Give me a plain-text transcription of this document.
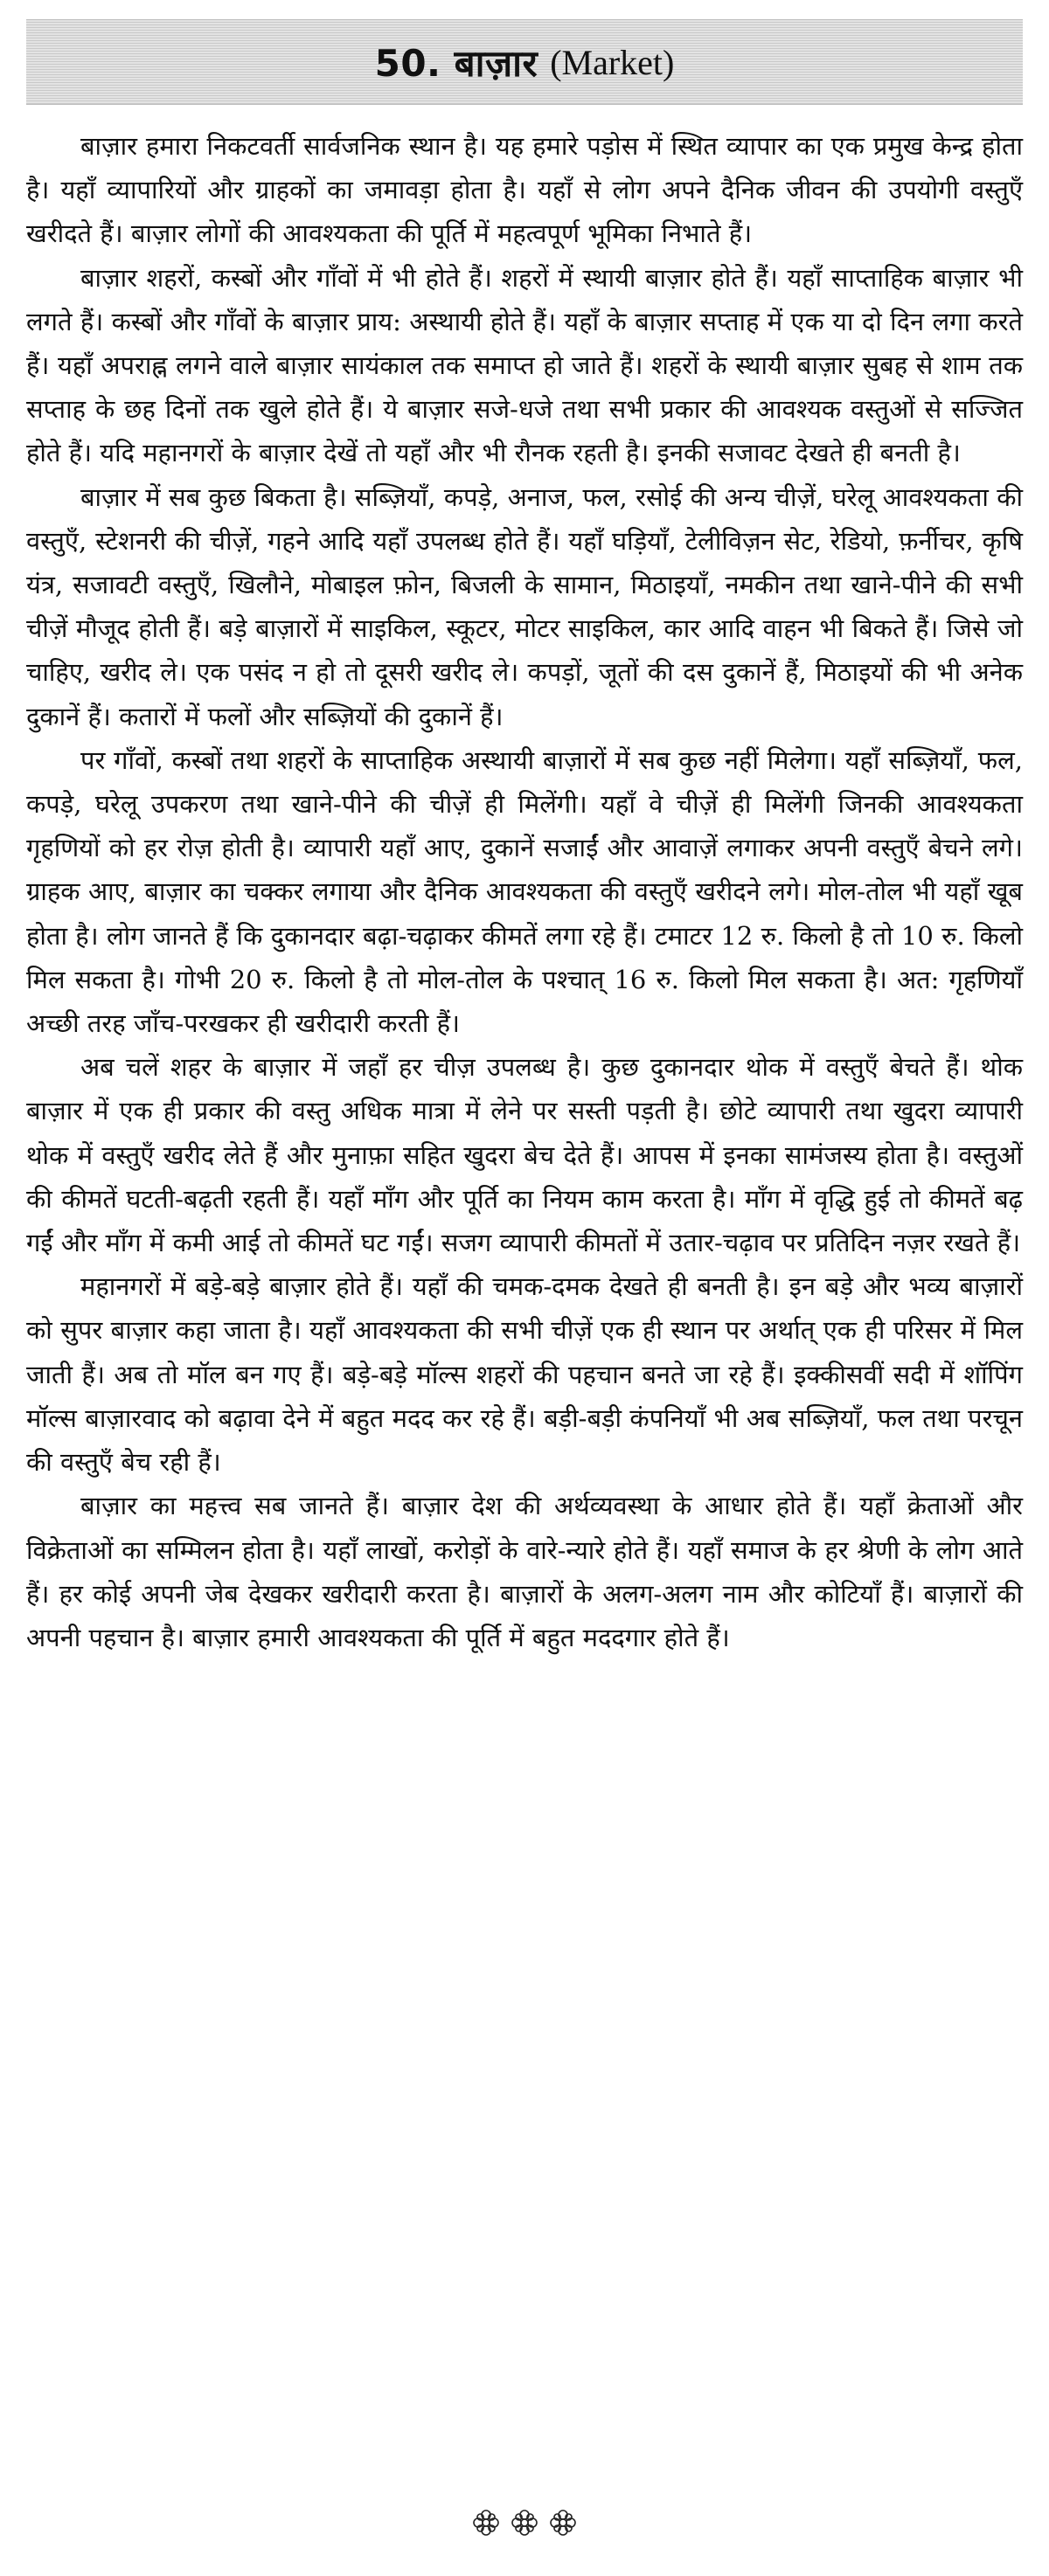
50. बाज़ार (Market)

बाज़ार हमारा निकटवर्ती सार्वजनिक स्थान है। यह हमारे पड़ोस में स्थित व्यापार का एक प्रमुख केन्द्र होता है। यहाँ व्यापारियों और ग्राहकों का जमावड़ा होता है। यहाँ से लोग अपने दैनिक जीवन की उपयोगी वस्तुएँ खरीदते हैं। बाज़ार लोगों की आवश्यकता की पूर्ति में महत्वपूर्ण भूमिका निभाते हैं।

बाज़ार शहरों, कस्बों और गाँवों में भी होते हैं। शहरों में स्थायी बाज़ार होते हैं। यहाँ साप्ताहिक बाज़ार भी लगते हैं। कस्बों और गाँवों के बाज़ार प्राय: अस्थायी होते हैं। यहाँ के बाज़ार सप्ताह में एक या दो दिन लगा करते हैं। यहाँ अपराह्न लगने वाले बाज़ार सायंकाल तक समाप्त हो जाते हैं। शहरों के स्थायी बाज़ार सुबह से शाम तक सप्ताह के छह दिनों तक खुले होते हैं। ये बाज़ार सजे-धजे तथा सभी प्रकार की आवश्यक वस्तुओं से सज्जित होते हैं। यदि महानगरों के बाज़ार देखें तो यहाँ और भी रौनक रहती है। इनकी सजावट देखते ही बनती है।

बाज़ार में सब कुछ बिकता है। सब्ज़ियाँ, कपड़े, अनाज, फल, रसोई की अन्य चीज़ें, घरेलू आवश्यकता की वस्तुएँ, स्टेशनरी की चीज़ें, गहने आदि यहाँ उपलब्ध होते हैं। यहाँ घड़ियाँ, टेलीविज़न सेट, रेडियो, फ़र्नीचर, कृषि यंत्र, सजावटी वस्तुएँ, खिलौने, मोबाइल फ़ोन, बिजली के सामान, मिठाइयाँ, नमकीन तथा खाने-पीने की सभी चीज़ें मौजूद होती हैं। बड़े बाज़ारों में साइकिल, स्कूटर, मोटर साइकिल, कार आदि वाहन भी बिकते हैं। जिसे जो चाहिए, खरीद ले। एक पसंद न हो तो दूसरी खरीद ले। कपड़ों, जूतों की दस दुकानें हैं, मिठाइयों की भी अनेक दुकानें हैं। कतारों में फलों और सब्ज़ियों की दुकानें हैं।

पर गाँवों, कस्बों तथा शहरों के साप्ताहिक अस्थायी बाज़ारों में सब कुछ नहीं मिलेगा। यहाँ सब्ज़ियाँ, फल, कपड़े, घरेलू उपकरण तथा खाने-पीने की चीज़ें ही मिलेंगी। यहाँ वे चीज़ें ही मिलेंगी जिनकी आवश्यकता गृहणियों को हर रोज़ होती है। व्यापारी यहाँ आए, दुकानें सजाईं और आवाज़ें लगाकर अपनी वस्तुएँ बेचने लगे। ग्राहक आए, बाज़ार का चक्कर लगाया और दैनिक आवश्यकता की वस्तुएँ खरीदने लगे। मोल-तोल भी यहाँ खूब होता है। लोग जानते हैं कि दुकानदार बढ़ा-चढ़ाकर कीमतें लगा रहे हैं। टमाटर 12 रु. किलो है तो 10 रु. किलो मिल सकता है। गोभी 20 रु. किलो है तो मोल-तोल के पश्चात् 16 रु. किलो मिल सकता है। अत: गृहणियाँ अच्छी तरह जाँच-परखकर ही खरीदारी करती हैं।

अब चलें शहर के बाज़ार में जहाँ हर चीज़ उपलब्ध है। कुछ दुकानदार थोक में वस्तुएँ बेचते हैं। थोक बाज़ार में एक ही प्रकार की वस्तु अधिक मात्रा में लेने पर सस्ती पड़ती है। छोटे व्यापारी तथा खुदरा व्यापारी थोक में वस्तुएँ खरीद लेते हैं और मुनाफ़ा सहित खुदरा बेच देते हैं। आपस में इनका सामंजस्य होता है। वस्तुओं की कीमतें घटती-बढ़ती रहती हैं। यहाँ माँग और पूर्ति का नियम काम करता है। माँग में वृद्धि हुई तो कीमतें बढ़ गईं और माँग में कमी आई तो कीमतें घट गईं। सजग व्यापारी कीमतों में उतार-चढ़ाव पर प्रतिदिन नज़र रखते हैं।

महानगरों में बड़े-बड़े बाज़ार होते हैं। यहाँ की चमक-दमक देखते ही बनती है। इन बड़े और भव्य बाज़ारों को सुपर बाज़ार कहा जाता है। यहाँ आवश्यकता की सभी चीज़ें एक ही स्थान पर अर्थात् एक ही परिसर में मिल जाती हैं। अब तो मॉल बन गए हैं। बड़े-बड़े मॉल्स शहरों की पहचान बनते जा रहे हैं। इक्कीसवीं सदी में शॉपिंग मॉल्स बाज़ारवाद को बढ़ावा देने में बहुत मदद कर रहे हैं। बड़ी-बड़ी कंपनियाँ भी अब सब्ज़ियाँ, फल तथा परचून की वस्तुएँ बेच रही हैं।

बाज़ार का महत्त्व सब जानते हैं। बाज़ार देश की अर्थव्यवस्था के आधार होते हैं। यहाँ क्रेताओं और विक्रेताओं का सम्मिलन होता है। यहाँ लाखों, करोड़ों के वारे-न्यारे होते हैं। यहाँ समाज के हर श्रेणी के लोग आते हैं। हर कोई अपनी जेब देखकर खरीदारी करता है। बाज़ारों के अलग-अलग नाम और कोटियाँ हैं। बाज़ारों की अपनी पहचान है। बाज़ार हमारी आवश्यकता की पूर्ति में बहुत मददगार होते हैं।
